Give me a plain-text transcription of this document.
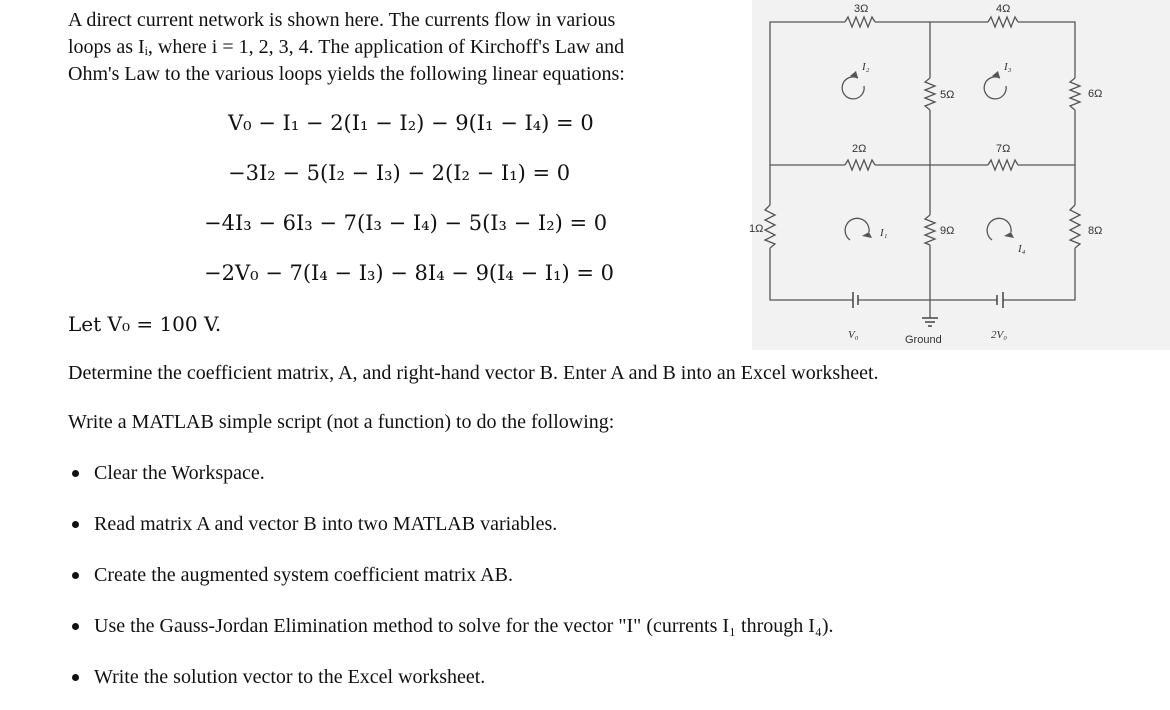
A direct current network is shown here. The currents flow in various

loops as Iᵢ, where i = 1, 2, 3, 4. The application of Kirchoff's Law and

Ohm's Law to the various loops yields the following linear equations:

V₀ − I₁ − 2(I₁ − I₂) − 9(I₁ − I₄) = 0
−3I₂ − 5(I₂ − I₃) − 2(I₂ − I₁) = 0
−4I₃ − 6I₃ − 7(I₃ − I₄) − 5(I₃ − I₂) = 0
−2V₀ − 7(I₄ − I₃) − 8I₄ − 9(I₄ − I₁) = 0
Let V₀ = 100 V.
Determine the coefficient matrix, A, and right-hand vector B. Enter A and B into an Excel worksheet.
Write a MATLAB simple script (not a function) to do the following:
Clear the Workspace.
Read matrix A and vector B into two MATLAB variables.
Create the augmented system coefficient matrix AB.
Use the Gauss-Jordan Elimination method to solve for the vector "I" (currents I₁ through I₄).
Write the solution vector to the Excel worksheet.
3Ω	4Ω
5Ω	6Ω
2Ω	7Ω
1Ω	9Ω	8Ω
I₂	I₃
I₁
I₄
V₀	Ground	2V₀
